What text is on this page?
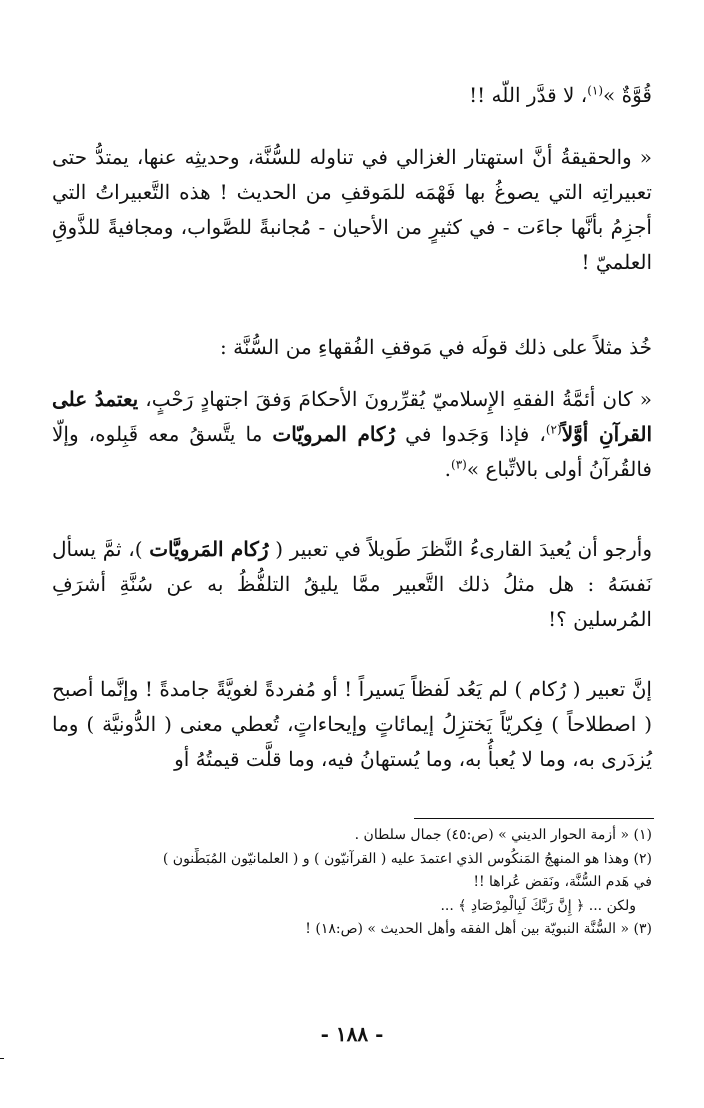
قُوَّةٌ »$^{(١)}$، لا قدَّر اللّه !!

« والحقيقةُ أنَّ استهتار الغزالي في تناوله للسُّنَّة، وحديثِه عنها، يمتدُّ حتى تعبيراتِه التي يصوغُ بها فَهْمَه للمَوقفِ من الحديث ! هذه التَّعبيراتُ التي أجزِمُ بأنَّها جاءَت - في كثيرٍ من الأحيان - مُجانبةً للصَّواب، ومجافيةً للذَّوقِ العلميّ !

خُذ مثلاً على ذلك قولَه في مَوقفِ الفُقهاءِ من السُّنَّة :

« كان أئمَّةُ الفقهِ الإِسلاميّ يُقرِّرونَ الأحكامَ وَفقَ اجتهادٍ رَحْبٍ، يعتمدُ على القرآنِ أوَّلاً$^{(٢)}$، فإذا وَجَدوا في رُكام المرويّات ما يتَّسقُ معه قَبِلوه، وإلّا فالقُرآنُ أولى بالاتِّباع »$^{(٣)}$.

وأرجو أن يُعيدَ القارىءُ النَّظرَ طَويلاً في تعبير ( رُكام المَرويَّات )، ثمَّ يسأل نَفسَهُ : هل مثلُ ذلك التَّعبير ممَّا يليقُ التلفُّظُ به عن سُنَّةِ أشرَفِ المُرسلين ؟!

إنَّ تعبير ( رُكام ) لم يَعُد لَفظاً يَسيراً ! أو مُفردةً لغويَّةً جامدةً ! وإنَّما أصبح ( اصطلاحاً ) فِكريّاً يَختزِلُ إيمائاتٍ وإيحاءاتٍ، تُعطي معنى ( الدُّونيَّة ) وما يُزدَرى به، وما لا يُعبأُ به، وما يُستهانُ فيه، وما قلَّت قيمتُهُ أو

(١) « أزمة الحوار الديني » (ص:٤٥) جمال سلطان .
(٢) وهذا هو المنهجُ المَنكُوس الذي اعتمدَ عليه ( القرآنيّون ) و ( العلمانيّون المُبَطِّنون )
في هَدم السُّنَّة، ونَقض عُراها !!
ولكن ... ﴿ إِنَّ رَبَّكَ لَبِالْمِرْصَادِ ﴾ ...
(٣) « السُّنَّة النبويّة بين أهل الفقه وأهل الحديث » (ص:١٨) !
- ١٨٨ -
